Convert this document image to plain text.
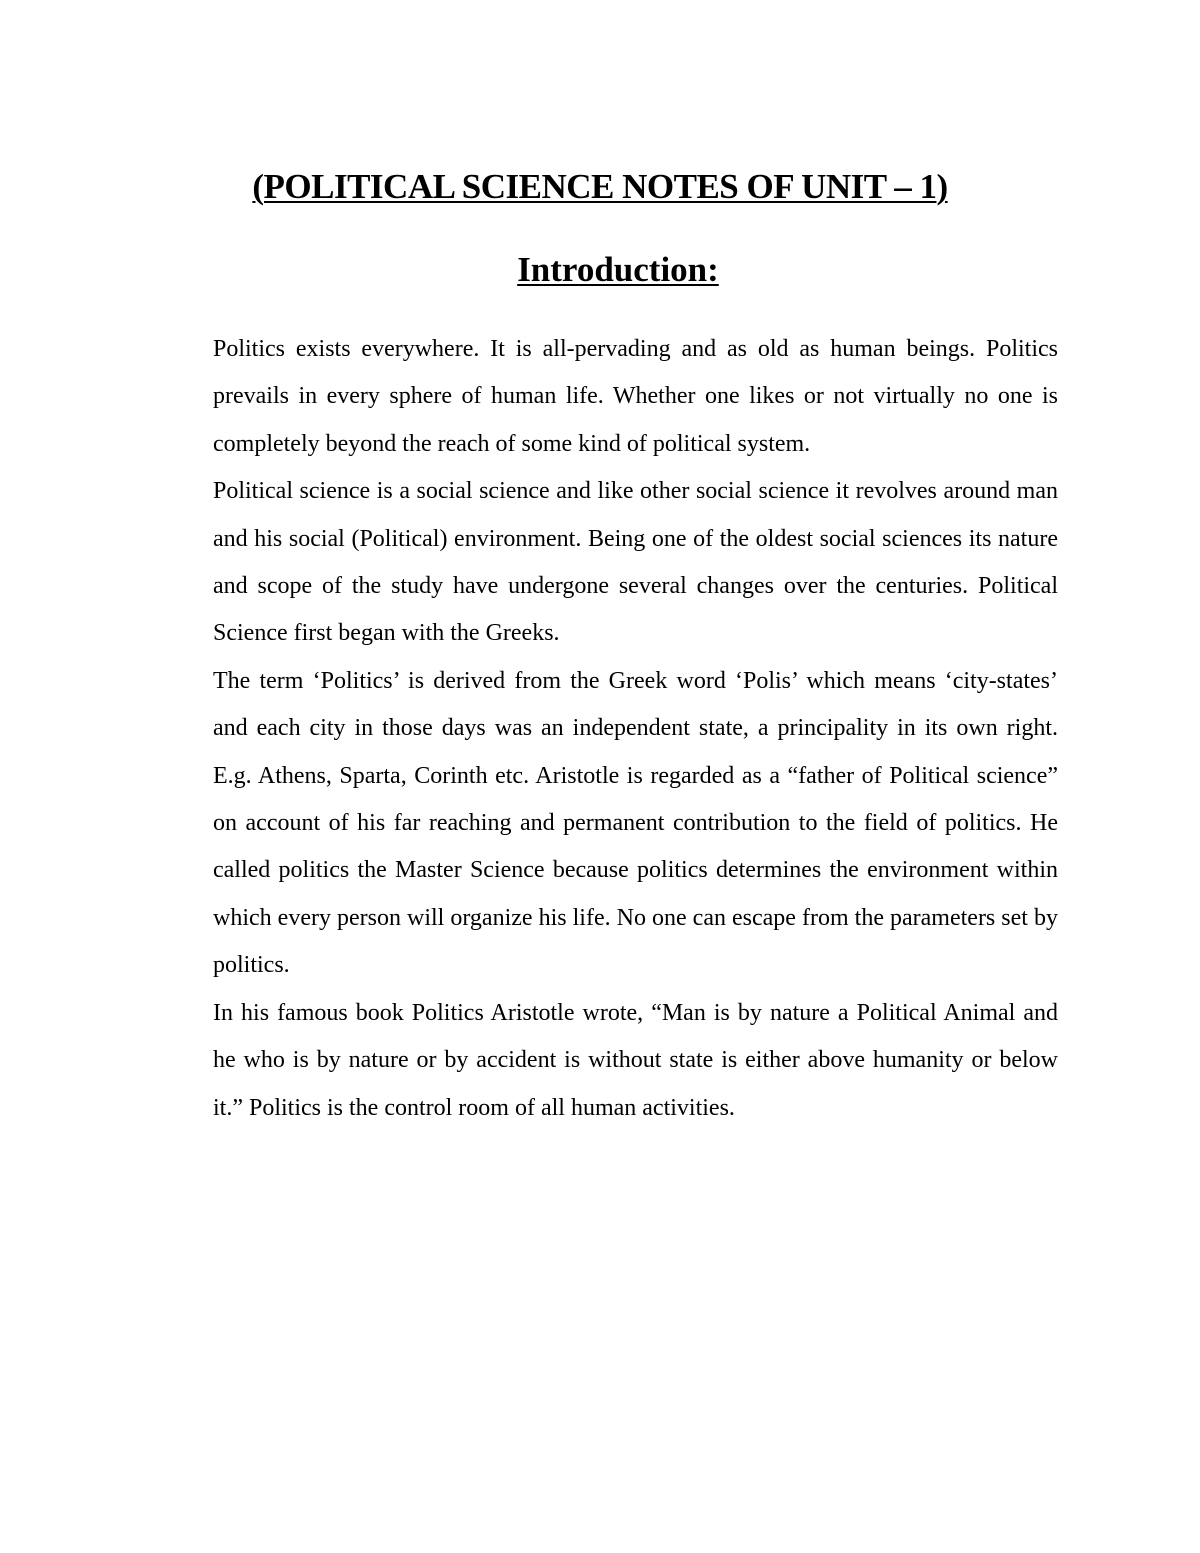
(POLITICAL SCIENCE NOTES OF UNIT – 1)
Introduction:

Politics exists everywhere. It is all-pervading and as old as human beings. Politics prevails in every sphere of human life. Whether one likes or not virtually no one is completely beyond the reach of some kind of political system.

Political science is a social science and like other social science it revolves around man and his social (Political) environment. Being one of the oldest social sciences its nature and scope of the study have undergone several changes over the centuries. Political Science first began with the Greeks.

The term ‘Politics’ is derived from the Greek word ‘Polis’ which means ‘city-states’ and each city in those days was an independent state, a principality in its own right. E.g. Athens, Sparta, Corinth etc. Aristotle is regarded as a “father of Political science” on account of his far reaching and permanent contribution to the field of politics. He called politics the Master Science because politics determines the environment within which every person will organize his life. No one can escape from the parameters set by politics.

In his famous book Politics Aristotle wrote, “Man is by nature a Political Animal and he who is by nature or by accident is without state is either above humanity or below it.” Politics is the control room of all human activities.
